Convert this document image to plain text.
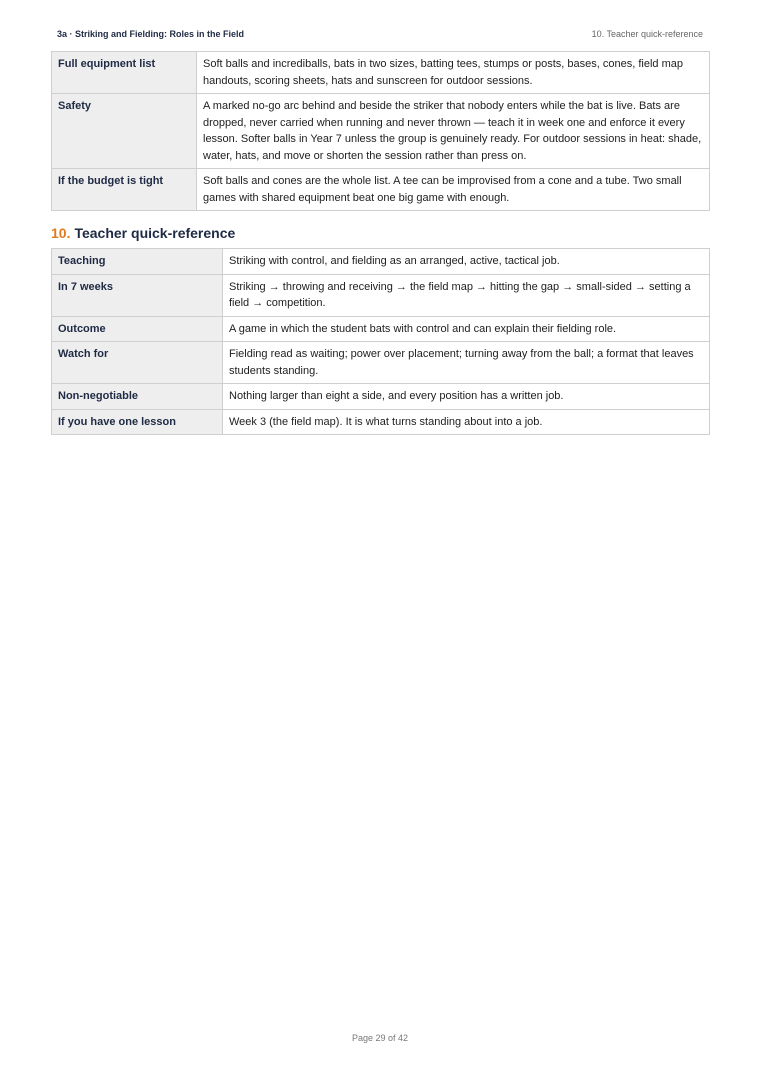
3a · Striking and Fielding: Roles in the Field	10. Teacher quick-reference
Full equipment list	Soft balls and incrediballs, bats in two sizes, batting tees, stumps or posts, bases, cones, field map handouts, scoring sheets, hats and sunscreen for outdoor sessions.
Safety	A marked no-go arc behind and beside the striker that nobody enters while the bat is live. Bats are dropped, never carried when running and never thrown — teach it in week one and enforce it every lesson. Softer balls in Year 7 unless the group is genuinely ready. For outdoor sessions in heat: shade, water, hats, and move or shorten the session rather than press on.
If the budget is tight	Soft balls and cones are the whole list. A tee can be improvised from a cone and a tube. Two small games with shared equipment beat one big game with enough.
10. Teacher quick-reference
Teaching	Striking with control, and fielding as an arranged, active, tactical job.
In 7 weeks	Striking → throwing and receiving → the field map → hitting the gap → small-sided → setting a field → competition.
Outcome	A game in which the student bats with control and can explain their fielding role.
Watch for	Fielding read as waiting; power over placement; turning away from the ball; a format that leaves students standing.
Non-negotiable	Nothing larger than eight a side, and every position has a written job.
If you have one lesson	Week 3 (the field map). It is what turns standing about into a job.
Page 29 of 42
